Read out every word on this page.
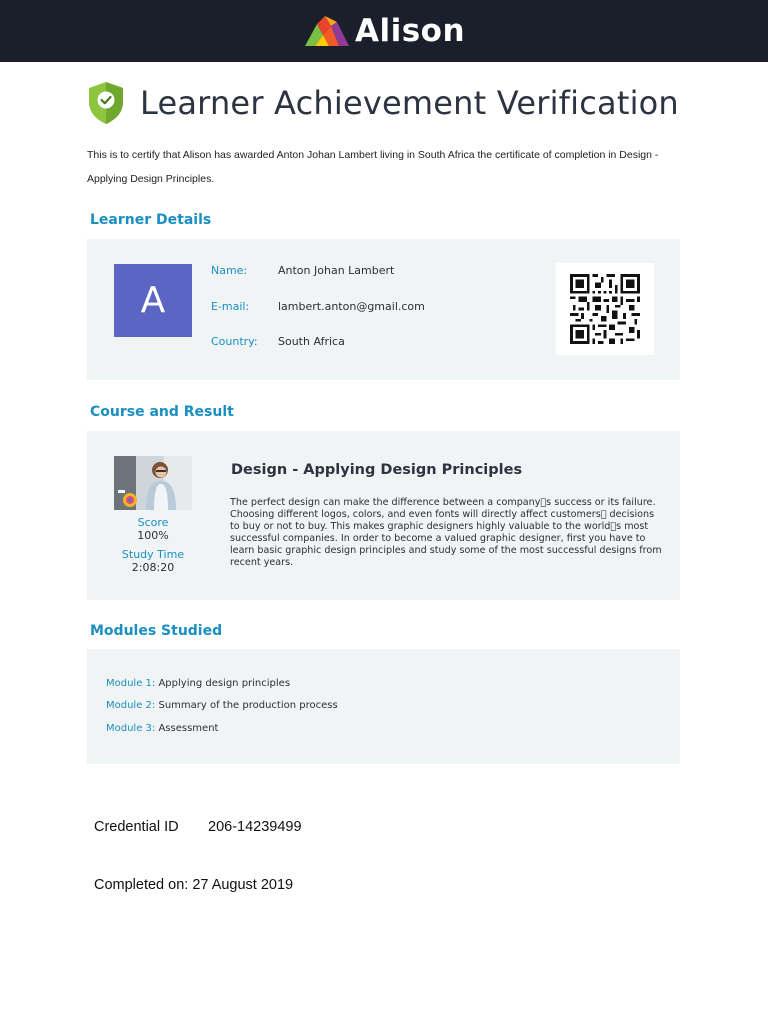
Alison
Learner Achievement Verification

This is to certify that Alison has awarded Anton Johan Lambert living in South Africa the certificate of completion in Design - Applying Design Principles.

Learner Details
A
Name:	Anton Johan Lambert
E-mail:	lambert.anton@gmail.com
Country: South Africa
Course and Result
Score
100%
Study Time
2:08:20
Design - Applying Design Principles

The perfect design can make the difference between a company s success or its failure. Choosing different logos, colors, and even fonts will directly affect customers  decisions to buy or not to buy. This makes graphic designers highly valuable to the world s most successful companies. In order to become a valued graphic designer, first you have to learn basic graphic design principles and study some of the most successful designs from recent years.

Modules Studied
Module 1: Applying design principles
Module 2: Summary of the production process
Module 3: Assessment
Credential ID 206-14239499
Completed on: 27 August 2019
